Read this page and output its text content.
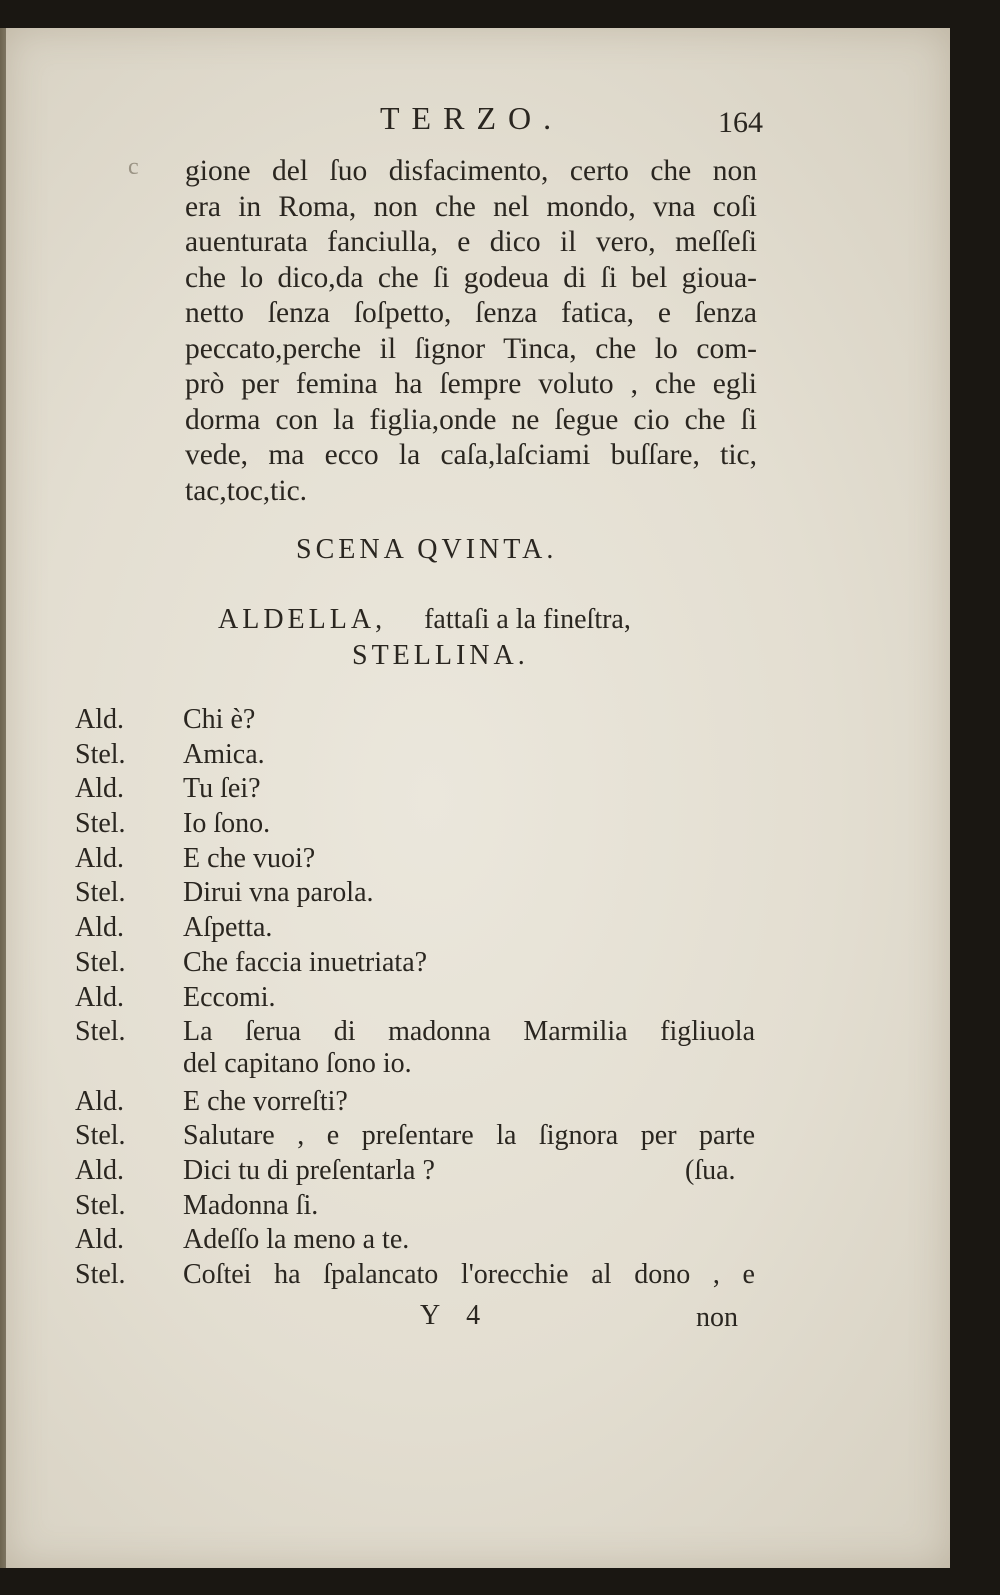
c
TERZO.	164
gione del ſuo disfacimento, certo che non
era in Roma, non che nel mondo, vna coſi
auenturata fanciulla, e dico il vero, meſſeſi
che lo dico,da che ſi godeua di ſi bel gioua-
netto ſenza ſoſpetto, ſenza fatica, e ſenza
peccato,perche il ſignor Tinca, che lo com-
prò per femina ha ſempre voluto , che egli
dorma con la figlia,onde ne ſegue cio che ſi
vede, ma ecco la caſa,laſciami buſſare, tic,
tac,toc,tic.
SCENA QVINTA.
ALDELLA, fattaſi a la fineſtra,
STELLINA.
Ald.	Chi è?
Stel.	Amica.
Ald.	Tu ſei?
Stel.	Io ſono.
Ald.	E che vuoi?
Stel.	Dirui vna parola.
Ald.	Aſpetta.
Stel.	Che faccia inuetriata?
Ald.	Eccomi.
Stel.	La ſerua di madonna Marmilia figliuola
del capitano ſono io.
Ald.	E che vorreſti?
Stel.	Salutare , e preſentare la ſignora per parte
Ald.	Dici tu di preſentarla ?	(ſua.
Stel.	Madonna ſi.
Ald.	Adeſſo la meno a te.
Stel.	Coſtei ha ſpalancato l'orecchie al dono , e
Y 4	non
